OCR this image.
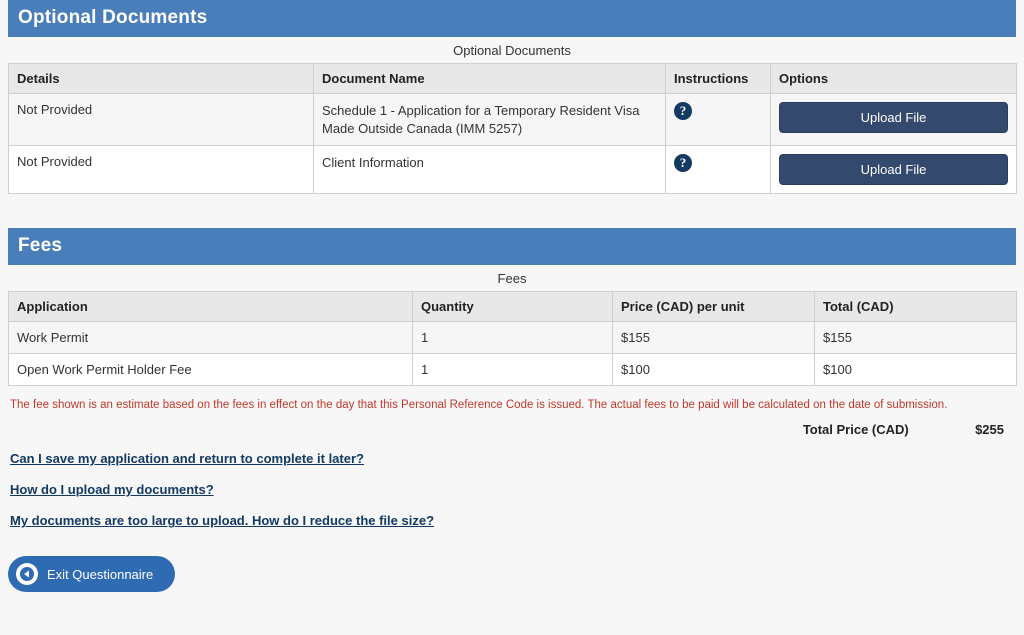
Optional Documents
Optional Documents
Details	Document Name	Instructions	Options
Not Provided	Schedule 1 - Application for a Temporary Resident Visa Made Outside Canada (IMM 5257)	?	Upload File

Not Provided	Client Information	?	Upload File
Fees
Fees
Application	Quantity	Price (CAD) per unit	Total (CAD)
Work Permit	1	$155	$155
Open Work Permit Holder Fee	1	$100	$100
The fee shown is an estimate based on the fees in effect on the day that this Personal Reference Code is issued. The actual fees to be paid will be calculated on the date of submission.
Total Price (CAD)	$255
Can I save my application and return to complete it later?
How do I upload my documents?
My documents are too large to upload. How do I reduce the file size?
Exit Questionnaire
